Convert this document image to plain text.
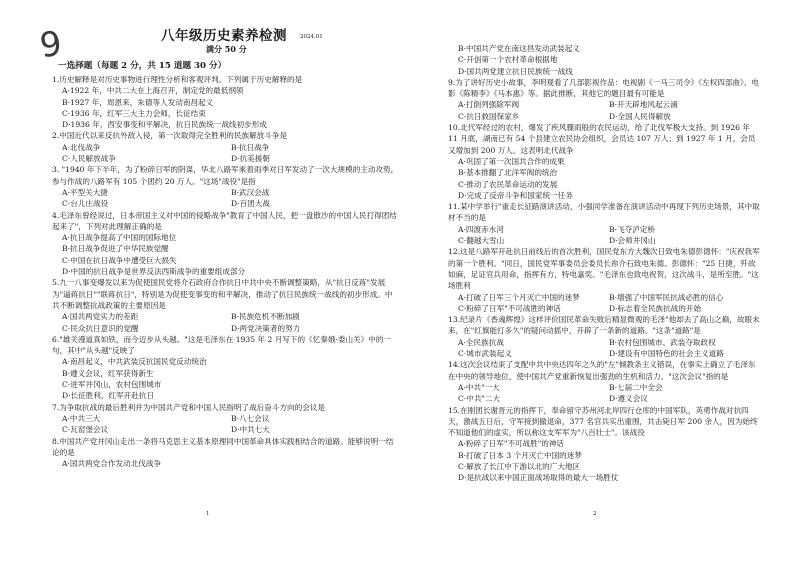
9	八年级历史素养检测 2024.01
满分 50 分
一选择题（每题 2 分，共 15 道题 30 分）
1.历史解释是对历史事物进行理性分析和客观评判。下列属于历史解释的是
A·1922 年，中共二大在上海召开，制定党的最低纲领
B·1927 年，周恩来，朱德等人发动南昌起义
C·1936 年，红军三大主力会师，长征结束
D·1936 年，西安事变和平解决，抗日民族统一战线初步形成
2.中国近代以来反抗外敌入侵，第一次取得完全胜利的民族解放斗争是
A·北伐战争	B·抗日战争
C·人民解放战争	D·抗美援朝
3. "1940 年下半年，为了粉碎日军的阴谋，华北八路军乘着雨季对日军发动了一次大规模的主动攻势，参与作战的八路军有 105 个团约 20 万人。"这场"战役"是指
A·平型关大捷	B·武汉会战
C·台儿庄战役	D·百团大战
4.毛泽东曾经说过，日本帝国主义对中国的侵略战争"教育了中国人民，把一盘散沙的中国人民打得团结起来了"，下列对此理解正确的是
A·抗日战争提高了中国的国际地位
B·抗日战争促进了中华民族觉醒
C·中国在抗日战争中遭受巨大损失
D·中国的抗日战争是世界反法西斯战争的重要组成部分
5.九一八事变爆发以来为促使国民党将介石政府合作抗日中共中央不断调整策略，从"抗日反蒋"发展为"逼蒋抗日""联蒋抗日"，特别是为促使变事变的和平解决，推动了抗日民族统一战线的初步形成。中共不断调整抗战政策的主要原因是
A·国共两党实力的差距	B·民族危机不断加剧
C·民众抗日意识的觉醒	D·两党决策者的努力
6."雄关漫道真如铁，而今迈步从头越。"这是毛泽东在 1935 年 2 月写下的《忆秦娥·娄山关》中的一句，其中"从头越"反映了
A·南昌起义，中共武装反抗国民党反动统治
B·遵义会议，红军获得新生
C·进军井冈山，农村包围城市
D·长征胜利，红军开赴抗日
7.为争取抗战的最后胜利并为中国共产党和中国人民指明了战后奋斗方向的会议是
A·中共三大	B·八七会议
C·瓦窑堡会议	D·中共七大
8.中国共产党井冈山走出一条将马克思主义基本原理同中国革命具体实践相结合的道路。能够说明一结论的是
A·国共两党合作发动北伐战争
B·中国共产党在南这昌发动武装起义
C·开创第一个农村革命根据地
D·国共两党建立抗日民族统一战线
9.为了讲好历史小故事，李明观看了几部影视作品：电视剧《一马三司令》《左权四部曲》、电影《陈精李》《马本惠》等。据此推断，其他它的题目最有可能是
A·打倒列强除军阀	B·开天辟地风起云涌
C·抗日救国保家乡	D·全国人民得解放
10.北代军经过的农村，爆发了疾风骤雨般的农民运动，给了北伐军极大支持。到 1926 年 11 月底，湖南已有 54 个县建立农民协会组织，会员达 107 万人；到 1927 年 1 月，会员又增加到 200 万人。这表明北代战争
A·巩固了第一次国共合作的成果
B·基本推翻了北洋军阀的统治
C·推动了农民革命运动的发展
D·完成了反帝斗争和国家统一任务
11.某中学举行"重走长征路演讲活动，小强同学准备在演讲活动中再现下列历史场景，其中取材不当的是
A·四渡赤水河	B·飞夺泸定桥
C·翻越大雪山	D·会师井冈山
12.这是八路军开赴抗日前线后的首次胜利，国民党东方大魏次日致电朱德彭德怀："庆祝我军的第一个胜利。"同日，国民党军事委员会委员长祢介石致电朱德、彭德怀："25 日捷，歼故如麻，足证官兵用命，指挥有方，特电嘉奖。"毛泽东也致电祝贺，这次战斗，是所至胜。"这场胜利
A·打破了日军三个月灭亡中国的迷梦	B·增强了中国军民抗战必胜的信心
C·粉碎了日军"不可战胜的神话	D·标志着全民族抗战的开始
13.纪录片《香魂辉煌》这样评价国民革命失败后精显微观的毛泽"他却去了高山之巅，故眼未来，在"红旗能打多久"的疑问动摇中，开辟了一条新的道路。"这条"道路"是
A·全民族抗战	B·农村包围城市、武装夺取政权
C·城市武装起义	D·建设有中国特色的社会主义道路
14.这次会议结束了支配中共中央达四年之久的"左"倾教条主义错误，在事实上确立了毛泽东在中央的领导地位，使中国共产党重新恢复出强劲的生机和活力。"这次会议"指的是
A·中共"一大	B·七届二中全会
C·中共"二大	D·遵义会议
15.在刚团长谢晋元的指挥下，奉命留守苏州河北岸四行仓库的中国军队，英勇作战对抗四天，激战五日后，守军接到撤退命，377 名官兵实出重围，共击毙日军 200 余人，因为始终不知道他们的虚实，所以称这支军军为"八百壮士"。该战役
A·粉碎了日军"不可战胜"的神话
B·打破了日本 3 个月灭亡中国的迷梦
C·解放了长江中下游以北的广大地区
D·是抗战以来中国正面战场取得的最大一场胜仗
1	2
